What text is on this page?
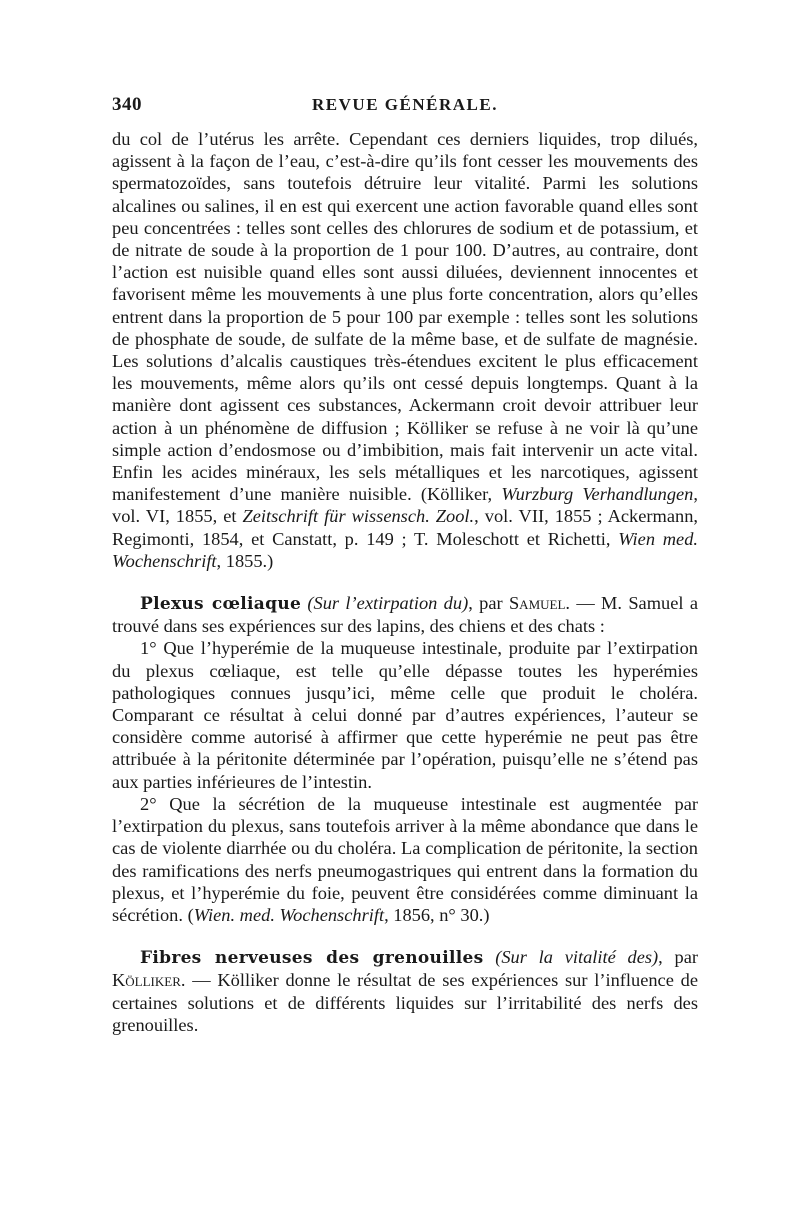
340	REVUE GÉNÉRALE.

du col de l’utérus les arrête. Cependant ces derniers liquides, trop dilués, agissent à la façon de l’eau, c’est-à-dire qu’ils font cesser les mouvements des spermatozoïdes, sans toutefois détruire leur vitalité. Parmi les solutions alcalines ou salines, il en est qui exercent une action favorable quand elles sont peu concentrées : telles sont celles des chlorures de sodium et de potassium, et de nitrate de soude à la proportion de 1 pour 100. D’autres, au contraire, dont l’action est nuisible quand elles sont aussi diluées, deviennent innocentes et favorisent même les mouvements à une plus forte concentration, alors qu’elles entrent dans la proportion de 5 pour 100 par exemple : telles sont les solutions de phosphate de soude, de sulfate de la même base, et de sulfate de magnésie. Les solutions d’alcalis caustiques très-étendues excitent le plus efficacement les mouvements, même alors qu’ils ont cessé depuis longtemps. Quant à la manière dont agissent ces substances, Ackermann croit devoir attribuer leur action à un phénomène de diffusion ; Kölliker se refuse à ne voir là qu’une simple action d’endosmose ou d’imbibition, mais fait intervenir un acte vital. Enfin les acides minéraux, les sels métalliques et les narcotiques, agissent manifestement d’une manière nuisible. (Kölliker, Wurzburg Verhandlungen, vol. VI, 1855, et Zeitschrift für wissensch. Zool., vol. VII, 1855 ; Ackermann, Regimonti, 1854, et Canstatt, p. 149 ; T. Moleschott et Richetti, Wien med. Wochenschrift, 1855.)

Plexus cœliaque (Sur l’extirpation du), par Samuel. — M. Samuel a trouvé dans ses expériences sur des lapins, des chiens et des chats :

1° Que l’hyperémie de la muqueuse intestinale, produite par l’extirpation du plexus cœliaque, est telle qu’elle dépasse toutes les hyperémies pathologiques connues jusqu’ici, même celle que produit le choléra. Comparant ce résultat à celui donné par d’autres expériences, l’auteur se considère comme autorisé à affirmer que cette hyperémie ne peut pas être attribuée à la péritonite déterminée par l’opération, puisqu’elle ne s’étend pas aux parties inférieures de l’intestin.

2° Que la sécrétion de la muqueuse intestinale est augmentée par l’extirpation du plexus, sans toutefois arriver à la même abondance que dans le cas de violente diarrhée ou du choléra. La complication de péritonite, la section des ramifications des nerfs pneumogastriques qui entrent dans la formation du plexus, et l’hyperémie du foie, peuvent être considérées comme diminuant la sécrétion. (Wien. med. Wochenschrift, 1856, n° 30.)

Fibres nerveuses des grenouilles (Sur la vitalité des), par Kölliker. — Kölliker donne le résultat de ses expériences sur l’influence de certaines solutions et de différents liquides sur l’irritabilité des nerfs des grenouilles.
